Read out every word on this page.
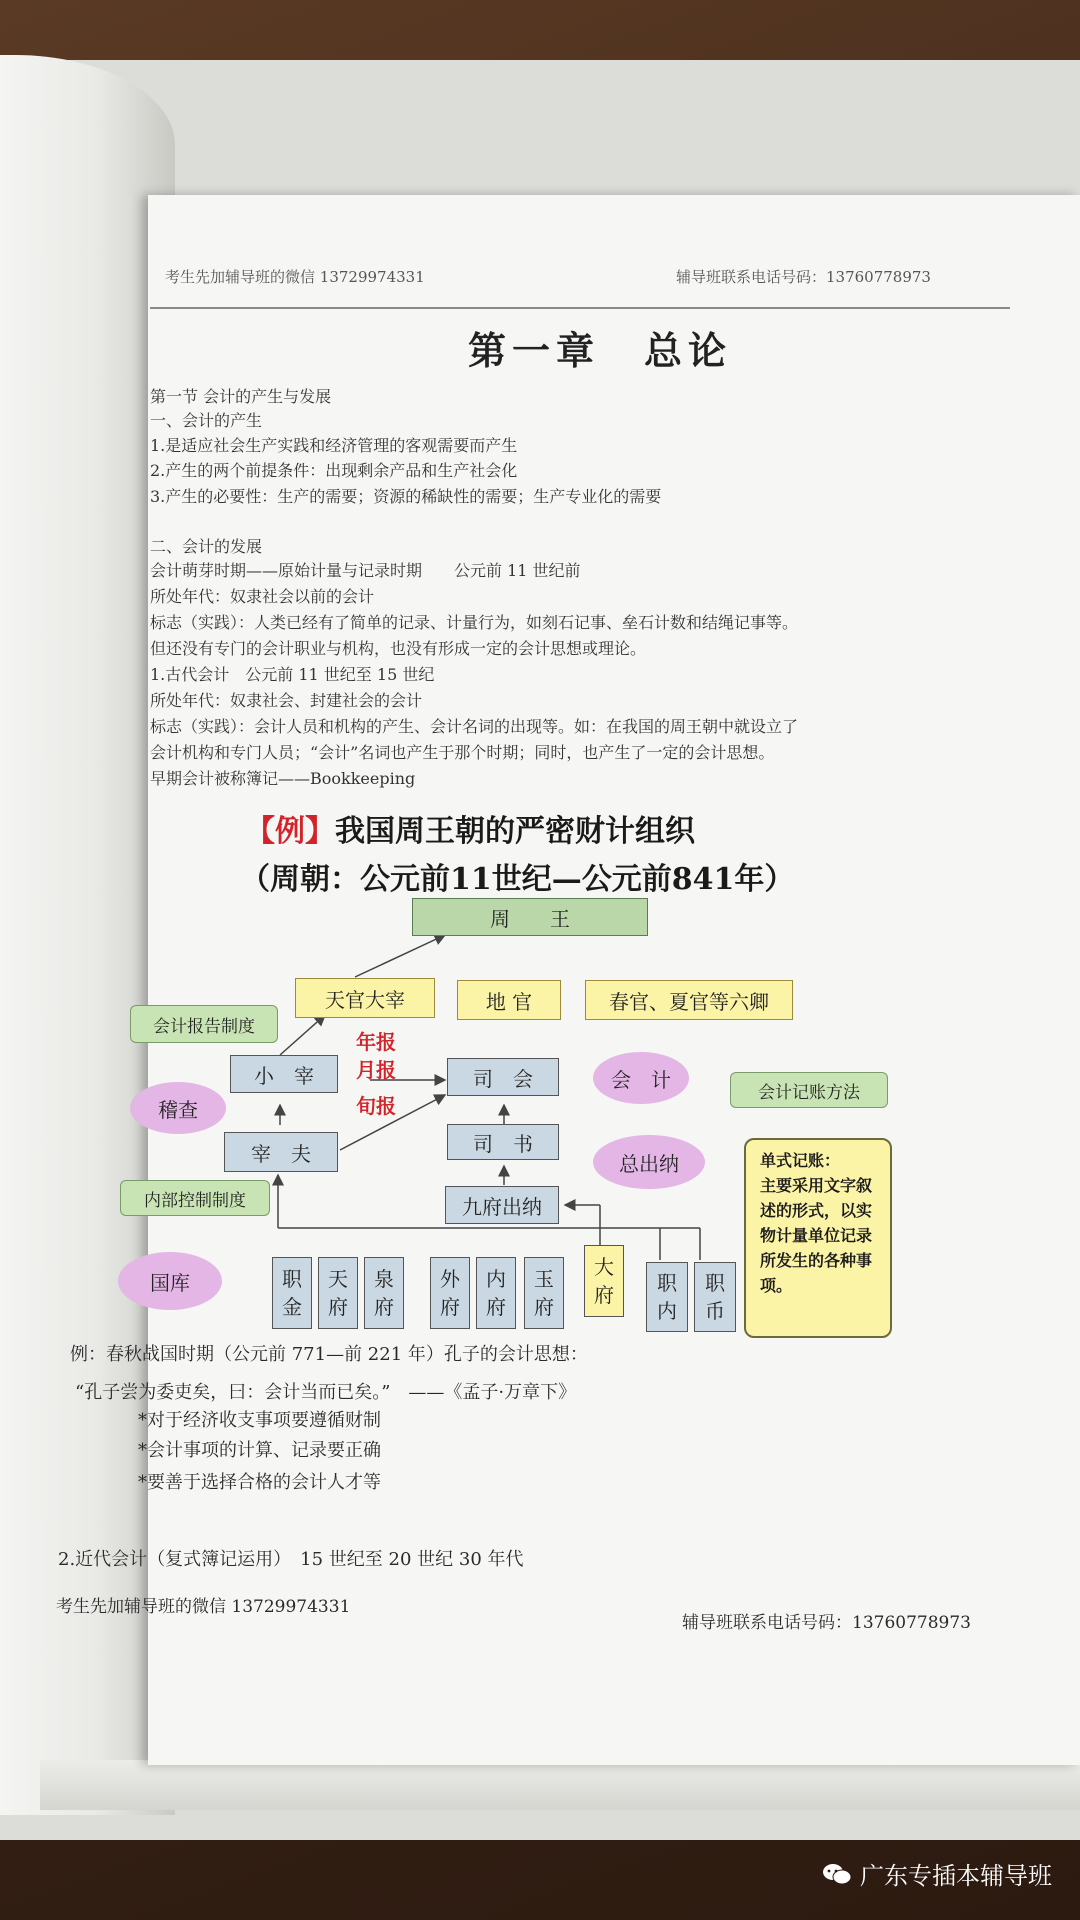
考生先加辅导班的微信 13729974331	辅导班联系电话号码：13760778973
第一章　总论
第一节 会计的产生与发展
一、会计的产生
1.是适应社会生产实践和经济管理的客观需要而产生
2.产生的两个前提条件：出现剩余产品和生产社会化
3.产生的必要性：生产的需要；资源的稀缺性的需要；生产专业化的需要
二、会计的发展
会计萌芽时期——原始计量与记录时期　　公元前 11 世纪前
所处年代：奴隶社会以前的会计
标志（实践）：人类已经有了简单的记录、计量行为，如刻石记事、垒石计数和结绳记事等。
但还没有专门的会计职业与机构，也没有形成一定的会计思想或理论。
1.古代会计　公元前 11 世纪至 15 世纪
所处年代：奴隶社会、封建社会的会计
标志（实践）：会计人员和机构的产生、会计名词的出现等。如：在我国的周王朝中就设立了
会计机构和专门人员；“会计”名词也产生于那个时期；同时，也产生了一定的会计思想。
早期会计被称簿记——Bookkeeping
【例】我国周王朝的严密财计组织
（周朝：公元前11世纪—公元前841年）
周　　王
天官大宰	地 官	春官、夏官等六卿
会计报告制度
小　宰	司　会
宰　夫	司　书
九府出纳
年报
月报
旬报
会计记账方法
内部控制制度
稽查
会　计
总出纳
国库	职
金
天
府
泉
府
外
府
内
府
玉
府
大
府 职
内
职
币
单式记账：
主要采用文字叙述的形式，以实物计量单位记录所发生的各种事项。
例：春秋战国时期（公元前 771—前 221 年）孔子的会计思想：
“孔子尝为委吏矣，曰：会计当而已矣。”　——《孟子·万章下》
*对于经济收支事项要遵循财制
*会计事项的计算、记录要正确
*要善于选择合格的会计人才等
2.近代会计（复式簿记运用）　15 世纪至 20 世纪 30 年代
考生先加辅导班的微信 13729974331
辅导班联系电话号码：13760778973
广东专插本辅导班
